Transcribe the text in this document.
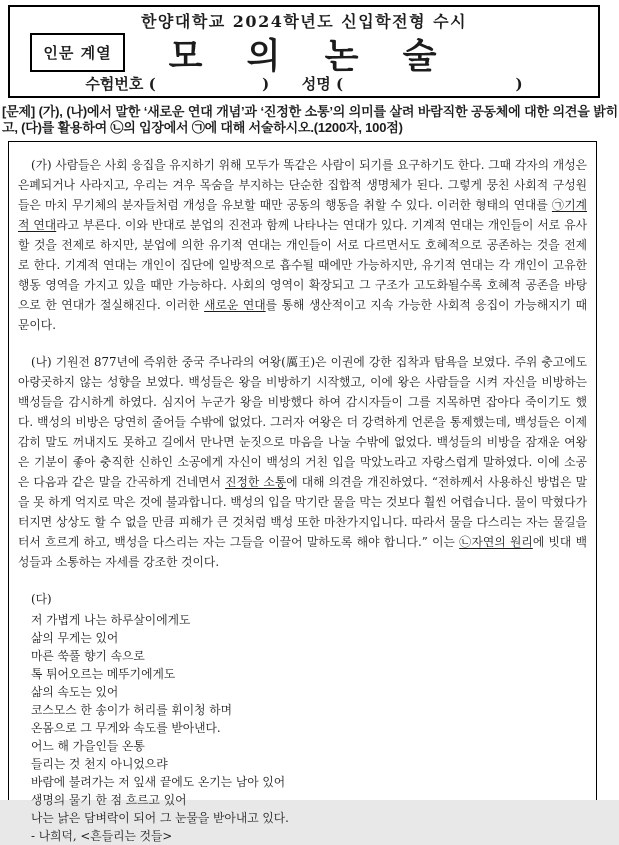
한양대학교 2024학년도 신입학전형 수시
인문 계열	모 의 논 술
수험번호 (	) 성명 (	)
[문제] (가), (나)에서 말한 ‘새로운 연대 개념’과 ‘진정한 소통’의 의미를 살려 바람직한 공동체에 대한 의견을 밝히고, (다)를 활용하여 ㉡의 입장에서 ㉠에 대해 서술하시오.(1200자, 100점)

(가) 사람들은 사회 응집을 유지하기 위해 모두가 똑같은 사람이 되기를 요구하기도 한다. 그때 각자의 개성은 은폐되거나 사라지고, 우리는 겨우 목숨을 부지하는 단순한 집합적 생명체가 된다. 그렇게 뭉친 사회적 구성원들은 마치 무기체의 분자들처럼 개성을 유보할 때만 공동의 행동을 취할 수 있다. 이러한 형태의 연대를 ㉠기계적 연대라고 부른다. 이와 반대로 분업의 진전과 함께 나타나는 연대가 있다. 기계적 연대는 개인들이 서로 유사할 것을 전제로 하지만, 분업에 의한 유기적 연대는 개인들이 서로 다르면서도 호혜적으로 공존하는 것을 전제로 한다. 기계적 연대는 개인이 집단에 일방적으로 흡수될 때에만 가능하지만, 유기적 연대는 각 개인이 고유한 행동 영역을 가지고 있을 때만 가능하다. 사회의 영역이 확장되고 그 구조가 고도화될수록 호혜적 공존을 바탕으로 한 연대가 절실해진다. 이러한 새로운 연대를 통해 생산적이고 지속 가능한 사회적 응집이 가능해지기 때문이다.

(나) 기원전 877년에 즉위한 중국 주나라의 여왕(厲王)은 이권에 강한 집착과 탐욕을 보였다. 주위 충고에도 아랑곳하지 않는 성향을 보였다. 백성들은 왕을 비방하기 시작했고, 이에 왕은 사람들을 시켜 자신을 비방하는 백성들을 감시하게 하였다. 심지어 누군가 왕을 비방했다 하여 감시자들이 그를 지목하면 잡아다 죽이기도 했다. 백성의 비방은 당연히 줄어들 수밖에 없었다. 그러자 여왕은 더 강력하게 언론을 통제했는데, 백성들은 이제 감히 말도 꺼내지도 못하고 길에서 만나면 눈짓으로 마음을 나눌 수밖에 없었다. 백성들의 비방을 잠재운 여왕은 기분이 좋아 충직한 신하인 소공에게 자신이 백성의 거친 입을 막았노라고 자랑스럽게 말하였다. 이에 소공은 다음과 같은 말을 간곡하게 건네면서 진정한 소통에 대해 의견을 개진하였다. “전하께서 사용하신 방법은 말을 못 하게 억지로 막은 것에 불과합니다. 백성의 입을 막기란 물을 막는 것보다 훨씬 어렵습니다. 물이 막혔다가 터지면 상상도 할 수 없을 만큼 피해가 큰 것처럼 백성 또한 마찬가지입니다. 따라서 물을 다스리는 자는 물길을 터서 흐르게 하고, 백성을 다스리는 자는 그들을 이끌어 말하도록 해야 합니다.” 이는 ㉡자연의 원리에 빗대 백성들과 소통하는 자세를 강조한 것이다.

(다)
저 가볍게 나는 하루살이에게도
삶의 무게는 있어
마른 쑥풀 향기 속으로
톡 튀어오르는 메뚜기에게도
삶의 속도는 있어
코스모스 한 송이가 허리를 휘이청 하며
온몸으로 그 무게와 속도를 받아낸다.
어느 해 가을인들 온통
들리는 것 천지 아니었으랴
바람에 불려가는 저 잎새 끝에도 온기는 남아 있어
생명의 물기 한 점 흐르고 있어
나는 낡은 담벼락이 되어 그 눈물을 받아내고 있다.
- 나희덕, <흔들리는 것들>
